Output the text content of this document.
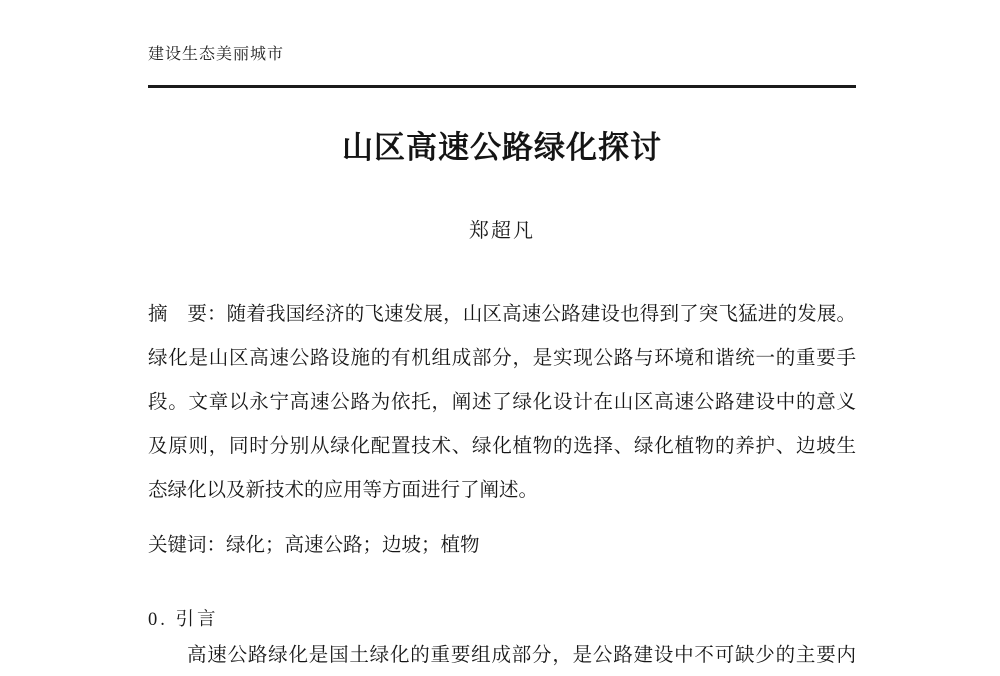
建设生态美丽城市
山区高速公路绿化探讨
郑超凡
摘　要：随着我国经济的飞速发展，山区高速公路建设也得到了突飞猛进的发展。
绿化是山区高速公路设施的有机组成部分，是实现公路与环境和谐统一的重要手
段。文章以永宁高速公路为依托，阐述了绿化设计在山区高速公路建设中的意义
及原则，同时分别从绿化配置技术、绿化植物的选择、绿化植物的养护、边坡生
态绿化以及新技术的应用等方面进行了阐述。
关键词：绿化；高速公路；边坡；植物
0. 引言

高速公路绿化是国土绿化的重要组成部分，是公路建设中不可缺少的主要内
